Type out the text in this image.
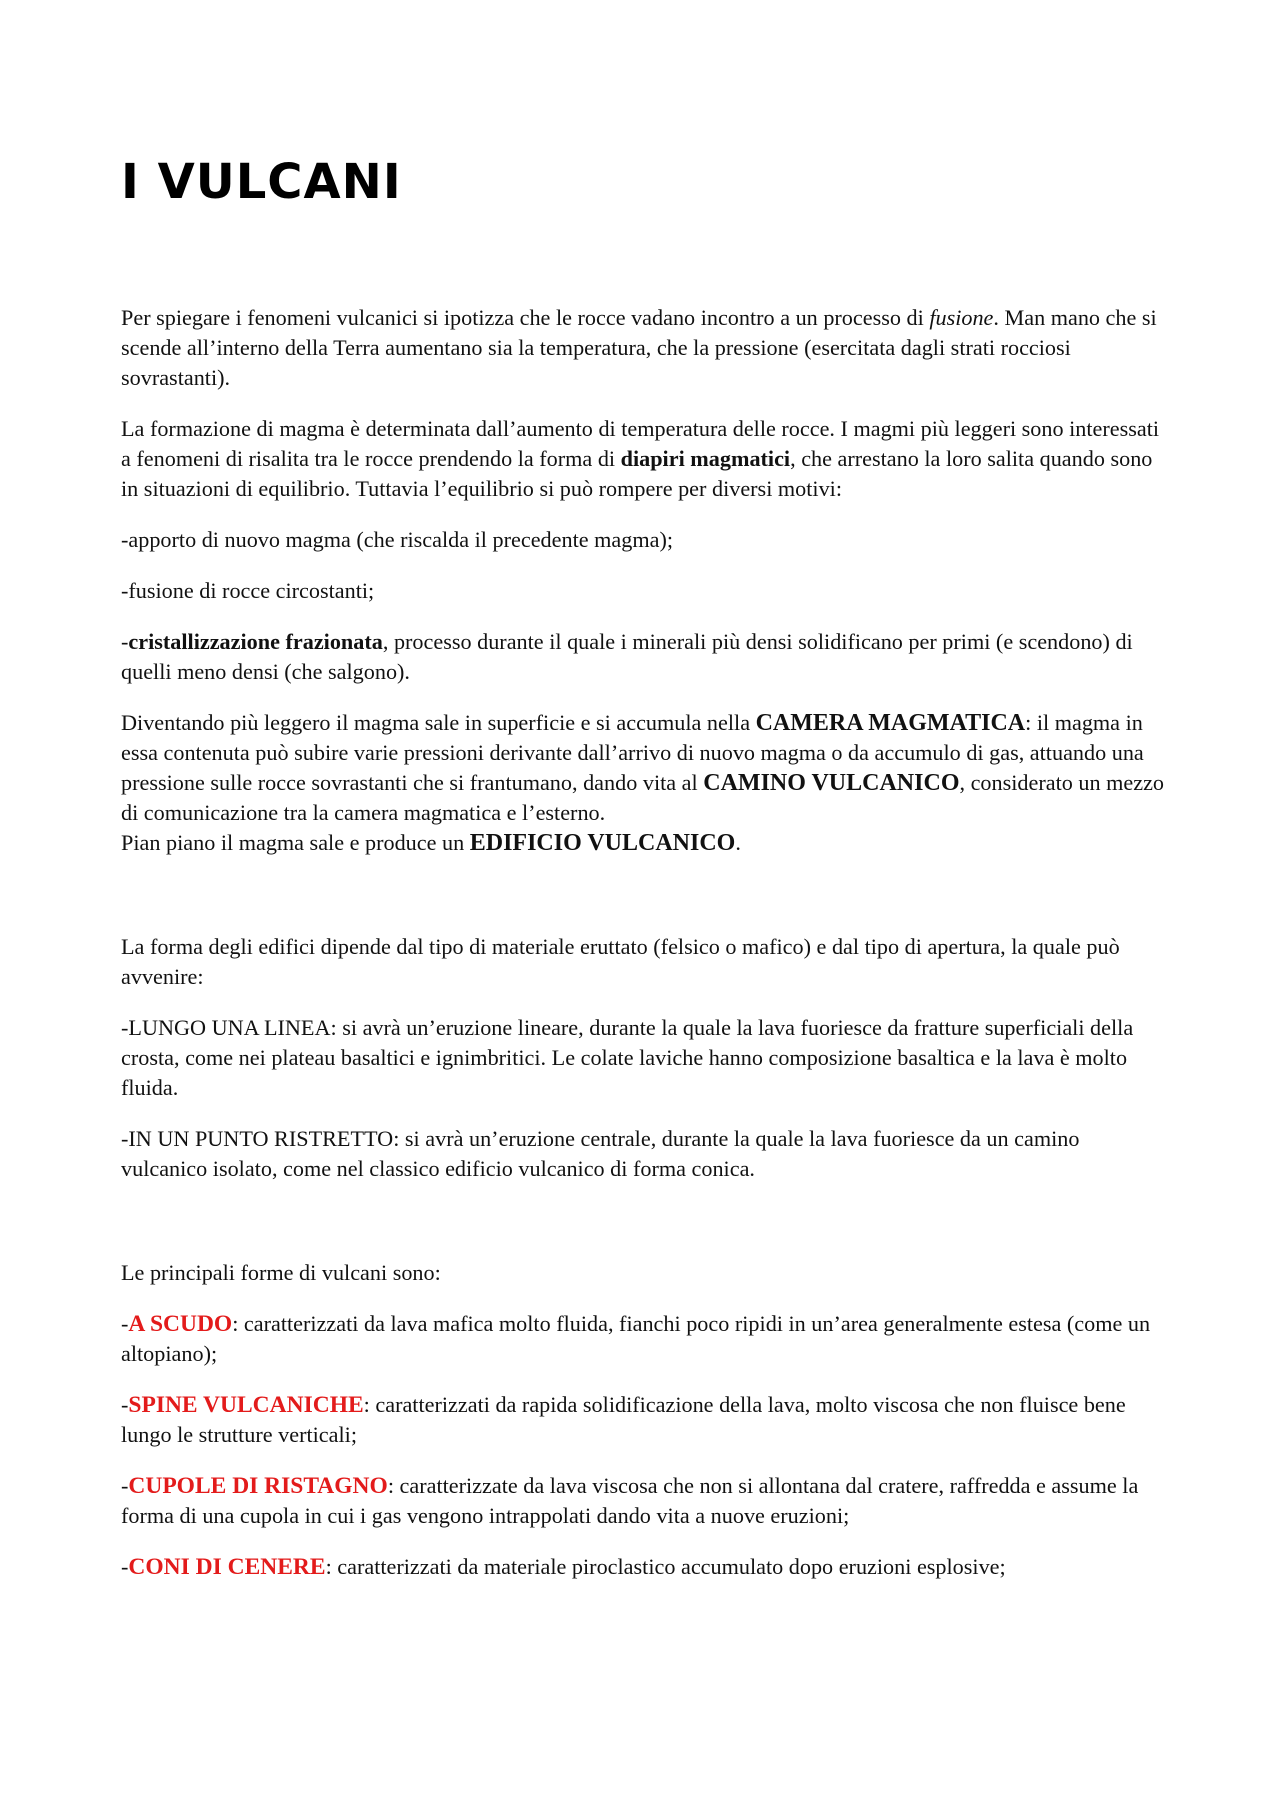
I VULCANI

Per spiegare i fenomeni vulcanici si ipotizza che le rocce vadano incontro a un processo di fusione. Man mano che si scende all’interno della Terra aumentano sia la temperatura, che la pressione (esercitata dagli strati rocciosi sovrastanti).

La formazione di magma è determinata dall’aumento di temperatura delle rocce. I magmi più leggeri sono interessati a fenomeni di risalita tra le rocce prendendo la forma di diapiri magmatici, che arrestano la loro salita quando sono in situazioni di equilibrio. Tuttavia l’equilibrio si può rompere per diversi motivi:

-apporto di nuovo magma (che riscalda il precedente magma);

-fusione di rocce circostanti;

-cristallizzazione frazionata, processo durante il quale i minerali più densi solidificano per primi (e scendono) di quelli meno densi (che salgono).

Diventando più leggero il magma sale in superficie e si accumula nella CAMERA MAGMATICA: il magma in essa contenuta può subire varie pressioni derivante dall’arrivo di nuovo magma o da accumulo di gas, attuando una pressione sulle rocce sovrastanti che si frantumano, dando vita al CAMINO VULCANICO, considerato un mezzo di comunicazione tra la camera magmatica e l’esterno.
Pian piano il magma sale e produce un EDIFICIO VULCANICO.

La forma degli edifici dipende dal tipo di materiale eruttato (felsico o mafico) e dal tipo di apertura, la quale può avvenire:

-LUNGO UNA LINEA: si avrà un’eruzione lineare, durante la quale la lava fuoriesce da fratture superficiali della crosta, come nei plateau basaltici e ignimbritici. Le colate laviche hanno composizione basaltica e la lava è molto fluida.

-IN UN PUNTO RISTRETTO: si avrà un’eruzione centrale, durante la quale la lava fuoriesce da un camino vulcanico isolato, come nel classico edificio vulcanico di forma conica.

Le principali forme di vulcani sono:

-A SCUDO: caratterizzati da lava mafica molto fluida, fianchi poco ripidi in un’area generalmente estesa (come un altopiano);

-SPINE VULCANICHE: caratterizzati da rapida solidificazione della lava, molto viscosa che non fluisce bene lungo le strutture verticali;

-CUPOLE DI RISTAGNO: caratterizzate da lava viscosa che non si allontana dal cratere, raffredda e assume la forma di una cupola in cui i gas vengono intrappolati dando vita a nuove eruzioni;

-CONI DI CENERE: caratterizzati da materiale piroclastico accumulato dopo eruzioni esplosive;
